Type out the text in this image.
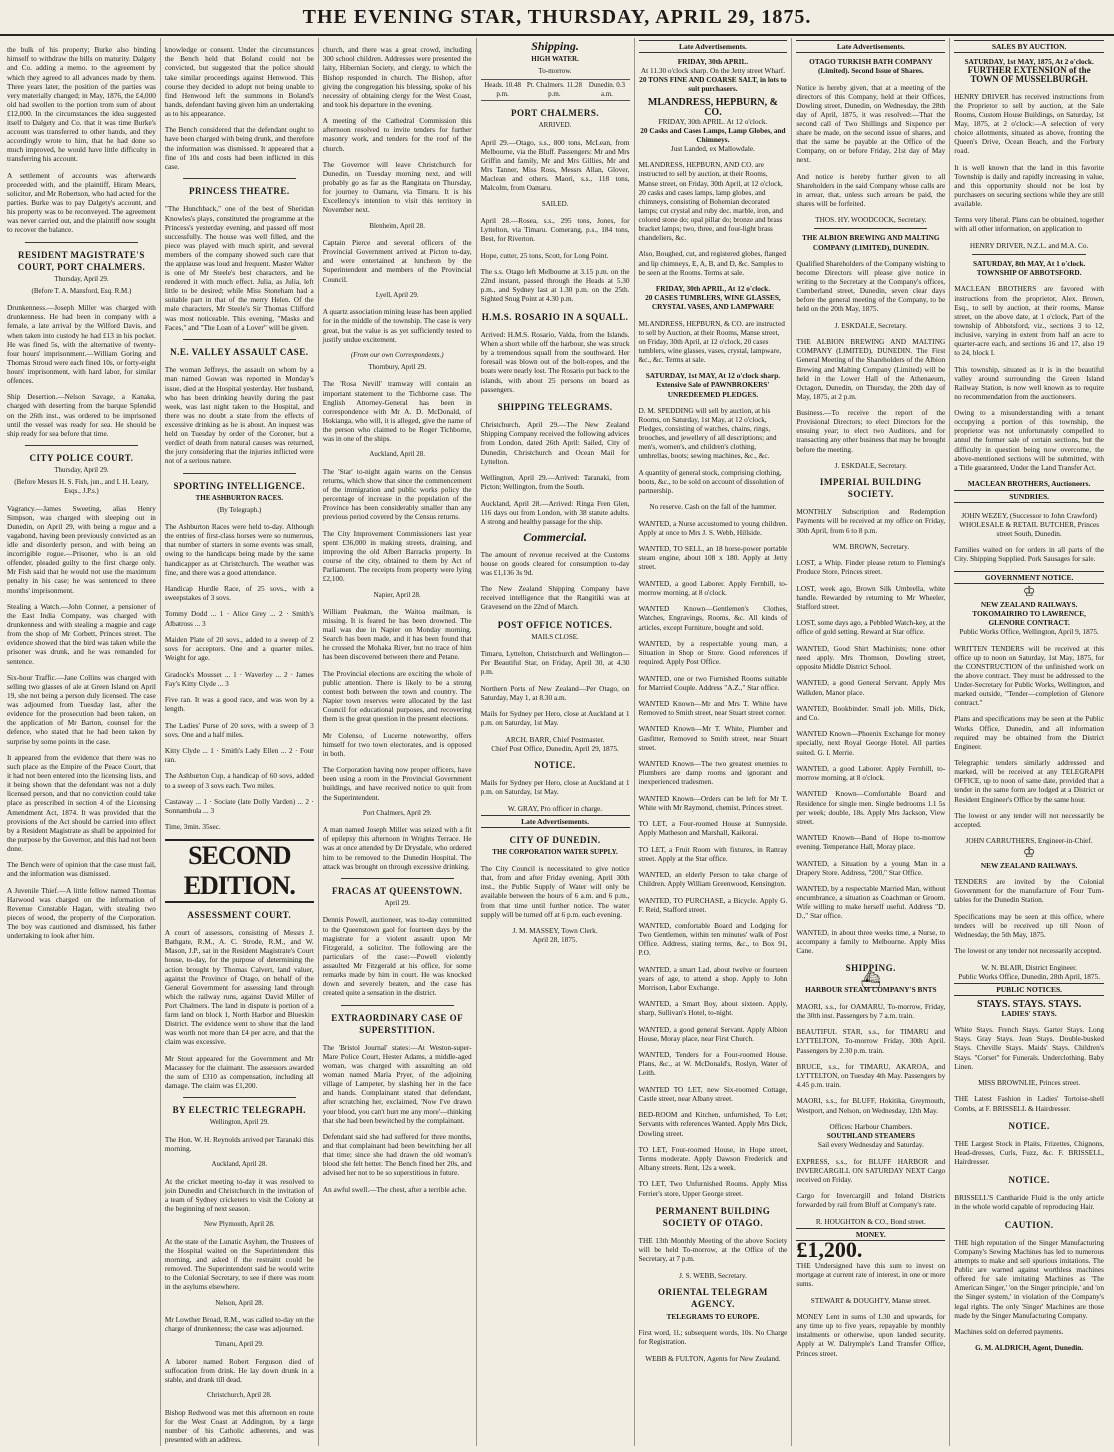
THE EVENING STAR, THURSDAY, APRIL 29, 1875.

the bulk of his property; Burke also binding himself to withdraw the bills on maturity. Dalgety and Co. adding a memo. to the agreement by which they agreed to all advances made by them. Three years later, the position of the parties was very materially changed; in May, 1876, the £4,000 old had swollen to the portion trom sum of about £12,000. In the circumstances the idea suggested itself to Dalgety and Co. that it was time Burke's account was transferred to other hands, and they accordingly wrote to him, that he had done so much improved, he would have little difficulty in transferring his account.

A settlement of accounts was afterwards proceeded with, and the plaintiff, Hiram Mears, solicitor, and Mr Robertson, who had acted for the parties. Burke was to pay Dalgety's account, and his property was to be reconveyed. The agreement was never carried out, and the plaintiff now sought to recover the balance.

RESIDENT MAGISTRATE'S COURT, PORT CHALMERS.
Thursday, April 29.
(Before T. A. Mansford, Esq. R.M.)

Drunkenness.—Joseph Miller was charged with drunkenness. He had been in company with a female, a late arrival by the Wilford Davis, and when taken into custody he had £13 in his pocket. He was fined 5s, with the alternative of twenty-four hours' imprisonment.—William Goring and Thomas Stroud were each fined 10s, or forty-eight hours' imprisonment, with hard labor, for similar offences.

Ship Desertion.—Nelson Savage, a Kanaka, charged with deserting from the barque Splendid on the 26th inst., was ordered to be imprisoned until the vessel was ready for sea. He should be ship ready for sea before that time.

CITY POLICE COURT.
Thursday, April 29.
(Before Messrs H. S. Fish, jun., and I. H. Leary, Esqs., J.P.s.)

Vagrancy.—James Sweeting, alias Henry Simpson, was charged with sleeping out in Dunedin, on April 29, with being a rogue and a vagabond, having been previously convicted as an idle and disorderly person, and with being an incorrigible rogue.—Prisoner, who is an old offender, pleaded guilty to the first charge only. Mr Fish said that he would not use the maximum penalty in his case; he was sentenced to three months' imprisonment.

Stealing a Watch.—John Conner, a pensioner of the East India Company, was charged with drunkenness and with stealing a magpie and cage from the shop of Mr Corbett, Princes street. The evidence showed that the bird was taken while the prisoner was drunk, and he was remanded for sentence.

Six-hour Traffic.—Jane Collins was charged with selling two glasses of ale at Green Island on April 19, she not being a person duly licensed. The case was adjourned from Tuesday last, after the evidence for the prosecution had been taken, on the application of Mr Barton, counsel for the defence, who stated that he had been taken by surprise by some points in the case.

It appeared from the evidence that there was no such place as the Empire of the Peace Court, that it had not been entered into the licensing lists, and it being shown that the defendant was not a duly licensed person, and that no conviction could take place as prescribed in section 4 of the Licensing Amendment Act, 1874. It was provided that the provisions of the Act should be carried into effect by a Resident Magistrate as shall be appointed for the purpose by the Governor, and this had not been done.

The Bench were of opinion that the case must fail, and the information was dismissed.

A Juvenile Thief.—A little fellow named Thomas Harwood was charged on the information of Revenue Constable Hagan, with stealing two pieces of wood, the property of the Corporation. The boy was cautioned and dismissed, his father undertaking to look after him.

knowledge or consent. Under the circumstances the Bench held that Boland could not be convicted, but suggested that the police should take similar proceedings against Henwood. This course they decided to adopt not being unable to find Henwood left the summons in Boland's hands, defendant having given him an undertaking as to his appearance.

The Bench considered that the defendant ought to have been charged with being drunk, and therefore the information was dismissed. It appeared that a fine of 10s and costs had been inflicted in this case.

PRINCESS THEATRE.

"The Hunchback," one of the best of Sheridan Knowles's plays, constituted the programme at the Princess's yesterday evening, and passed off most successfully. The house was well filled, and the piece was played with much spirit, and several members of the company showed such care that the applause was loud and frequent. Master Walter is one of Mr Steele's best characters, and he rendered it with much effect. Julia, as Julia, left little to be desired; while Miss Stoneham had a suitable part in that of the merry Helen. Of the male characters, Mr Steele's Sir Thomas Clifford was most noticeable. This evening, "Masks and Faces," and "The Loan of a Lover" will be given.

N.E. VALLEY ASSAULT CASE.

The woman Jeffreys, the assault on whom by a man named Gowan was reported in Monday's issue, died at the Hospital yesterday. Her husband, who has been drinking heavily during the past week, was last night taken to the Hospital, and there was no doubt a state from the effects of excessive drinking as he is about. An inquest was held on Tuesday by order of the Coroner, but a verdict of death from natural causes was returned, the jury considering that the injuries inflicted were not of a serious nature.

SPORTING INTELLIGENCE.
THE ASHBURTON RACES.
(By Telegraph.)

The Ashburton Races were held to-day. Although the entries of first-class horses were so numerous, that number of starters in some events was small, owing to the handicaps being made by the same handicapper as at Christchurch. The weather was fine, and there was a good attendance.

Handicap Hurdle Race, of 25 sovs., with a sweepstakes of 3 sovs.

Tommy Dodd ... 1 · Alice Grey ... 2 · Smith's Albatross ... 3

Maiden Plate of 20 sovs., added to a sweep of 2 sovs for acceptors. One and a quarter miles. Weight for age.

Gradock's Mousset ... 1 · Waverley ... 2 · James Fay's Kitty Clyde ... 3

Five ran. It was a good race, and was won by a length.

The Ladies' Purse of 20 sovs, with a sweep of 3 sovs. One and a half miles.

Kitty Clyde ... 1 · Smith's Lady Ellen ... 2 · Four ran.

The Ashburton Cup, a handicap of 60 sovs, added to a sweep of 3 sovs each. Two miles.

Castaway ... 1 · Sociate (late Dolly Varden) ... 2 · Sonnambula ... 3

Time, 3min. 35sec.

SECOND EDITION.
ASSESSMENT COURT.

A court of assessors, consisting of Messrs J. Bathgate, R.M., A. C. Strode, R.M., and W. Mason, J.P., sat in the Resident Magistrate's Court house, to-day, for the purpose of determining the action brought by Thomas Calvert, land valuer, against the Province of Otago, on behalf of the General Government for assessing land through which the railway runs, against David Miller of Port Chalmers. The land in dispute is portion of a farm land on block 1, North Harbor and Blueskin District. The evidence went to show that the land was worth not more than £4 per acre, and that the claim was excessive.

Mr Stout appeared for the Government and Mr Macassey for the claimant. The assessors awarded the sum of £310 as compensation, including all damage. The claim was £1,200.

BY ELECTRIC TELEGRAPH.
Wellington, April 29.

The Hon. W. H. Reynolds arrived per Taranaki this morning.

Auckland, April 28.

At the cricket meeting to-day it was resolved to join Dunedin and Christchurch in the invitation of a team of Sydney cricketers to visit the Colony at the beginning of next season.

New Plymouth, April 28.

At the state of the Lunatic Asylum, the Trustees of the Hospital waited on the Superintendent this morning, and asked if the restraint could be removed. The Superintendent said he would write to the Colonial Secretary, to see if there was room in the asylums elsewhere.

Nelson, April 28.

Mr Lowther Broad, R.M., was called to-day on the charge of drunkenness; the case was adjourned.

Timaru, April 29.

A laborer named Robert Ferguson died of suffocation from drink. He lay down drunk in a stable, and drank till dead.

Christchurch, April 28.

Bishop Redwood was met this afternoon en route for the West Coast at Addington, by a large number of his Catholic adherents, and was presented with an address.

church, and there was a great crowd, including 300 school children. Addresses were presented the laity, Hibernian Society, and clergy, to which the Bishop responded in church. The Bishop, after giving the congregation his blessing, spoke of his necessity of obtaining clergy for the West Coast, and took his departure in the evening.

A meeting of the Cathedral Commission this afternoon resolved to invite tenders for further masonry work, and tenders for the roof of the church.

The Governor will leave Christchurch for Dunedin, on Tuesday morning next, and will probably go as far as the Rangitata on Thursday, for journey to Oamaru, via Timaru. It is his Excellency's intention to visit this territory in November next.

Blenheim, April 28.

Captain Pierce and several officers of the Provincial Government arrived at Picton to-day, and were entertained at luncheon by the Superintendent and members of the Provincial Council.

Lyell, April 29.

A quartz association mining lease has been applied for in the middle of the township. The case is very great, but the value is as yet sufficiently tested to justify undue excitement.

(From our own Correspondents.)
Thornbury, April 29.

The 'Rosa Nevill' tramway will contain an important statement to the Tichborne case. The English Attorney-General has been in correspondence with Mr A. D. McDonald, of Hokianga, who will, it is alleged, give the name of the person who claimed to be Roger Tichborne, was in one of the ships.

Auckland, April 28.

The 'Star' to-night again warns on the Census returns, which show that since the commencement of the immigration and public works policy the percentage of increase in the population of the Province has been considerably smaller than any previous period covered by the Census returns.

The City Improvement Commissioners last year spent £36,000 in making streets, draining, and improving the old Albert Barracks property. In course of the city, obtained to them by Act of Parliament. The receipts from property were lying £2,100.

Napier, April 28.

William Peakman, the Waitoa mailman, is missing. It is feared he has been drowned. The mail was due in Napier on Monday morning. Search has been made, and it has been found that he crossed the Mohaka River, but no trace of him has been discovered between there and Petane.

The Provincial elections are exciting the whole of public attention. There is likely to be a strong contest both between the town and country. The Napier town reserves were allocated by the last Council for educational purposes, and recovering them is the great question in the present elections.

Mr Colenso, of Lucerne noteworthy, offers himself for two town electorates, and is opposed in both.

The Corporation having now proper officers, have been using a room in the Provincial Government buildings, and have received notice to quit from the Superintendent.

Port Chalmers, April 29.

A man named Joseph Miller was seized with a fit of epilepsy this afternoon in Wrights Terrace. He was at once attended by Dr Drysdale, who ordered him to be removed to the Dunedin Hospital. The attack was brought on through excessive drinking.

FRACAS AT QUEENSTOWN.
April 29.

Dennis Powell, auctioneer, was to-day committed to the Queenstown gaol for fourteen days by the magistrate for a violent assault upon Mr Fitzgerald, a solicitor. The following are the particulars of the case:—Powell violently assaulted Mr Fitzgerald at his office, for some remarks made by him in court. He was knocked down and severely beaten, and the case has created quite a sensation in the district.

EXTRAORDINARY CASE OF SUPERSTITION.

The 'Bristol Journal' states:—At Weston-super-Mare Police Court, Hester Adams, a middle-aged woman, was charged with assaulting an old woman named Maria Pryer, of the adjoining village of Lampeter, by slashing her in the face and hands. Complainant stated that defendant, after scratching her, exclaimed, 'Now I've drawn your blood, you can't hurt me any more'—thinking that she had been bewitched by the complainant.

Defendant said she had suffered for three months, and that complainant had been bewitching her all that time; since she had drawn the old woman's blood she felt better. The Bench fined her 20s, and advised her not to be so superstitious in future.

An awful swell.—The chest, after a terrible ache.

Shipping.
HIGH WATER.
To-morrow.
Heads. 10.48 p.m.	Pt. Chalmers. 11.28 p.m.	Dunedin. 0.3 a.m.
PORT CHALMERS.
ARRIVED.

April 29.—Otago, s.s., 800 tons, McLean, from Melbourne, via the Bluff. Passengers: Mr and Mrs Griffin and family, Mr and Mrs Gillies, Mr and Mrs Tanner, Miss Ross, Messrs Allan, Glover, Maclean and others. Maori, s.s., 118 tons, Malcolm, from Oamaru.

SAILED.

April 28.—Rosea, s.s., 295 tons, Jones, for Lyttelton, via Timaru. Comerang, p.s., 184 tons, Best, for Riverton.

Hope, cutter, 25 tons, Scott, for Long Point.

The s.s. Otago left Melbourne at 3.15 p.m. on the 22nd instant, passed through the Heads at 5.30 p.m., and Sydney last at 1.30 p.m. on the 25th. Sighted Snug Point at 4.30 p.m.

H.M.S. ROSARIO IN A SQUALL.

Arrived: H.M.S. Rosario, Valda, from the Islands. When a short while off the harbour, she was struck by a tremendous squall from the southward. Her foresail was blown out of the bolt-ropes, and the boats were nearly lost. The Rosario put back to the islands, with about 25 persons on board as passengers.

SHIPPING TELEGRAMS.

Christchurch, April 29.—The New Zealand Shipping Company received the following advices from London, dated 26th April: Sailed, City of Dunedin, Christchurch and Ocean Mail for Lyttelton.

Wellington, April 29.—Arrived: Taranaki, from Picton; Wellington, from the South.

Auckland, April 28.—Arrived: Ringa Fren Glen, 116 days out from London, with 38 statute adults. A strong and healthy passage for the ship.

Commercial.

The amount of revenue received at the Customs house on goods cleared for consumption to-day was £1,136 3s 9d.

The New Zealand Shipping Company have received intelligence that the Rangitiki was at Gravesend on the 22nd of March.

POST OFFICE NOTICES.
MAILS CLOSE.

Timaru, Lyttelton, Christchurch and Wellington—Per Beautiful Star, on Friday, April 30, at 4.30 p.m.

Northern Ports of New Zealand—Per Otago, on Saturday, May 1, at 8.30 a.m.

Mails for Sydney per Hero, close at Auckland at 1 p.m. on Saturday, 1st May.

ARCH. BARR, Chief Postmaster.
Chief Post Office, Dunedin, April 29, 1875.
NOTICE.

Mails for Sydney per Hero, close at Auckland at 1 p.m. on Saturday, 1st May.

W. GRAY, Pro officer in charge.
Late Advertisements.
CITY OF DUNEDIN.
THE CORPORATION WATER SUPPLY.

The City Council is necessitated to give notice that, from and after Friday evening, April 30th inst., the Public Supply of Water will only be available between the hours of 6 a.m. and 6 p.m., from that time until further notice. The water supply will be turned off at 6 p.m. each evening.

J. M. MASSEY, Town Clerk.
April 28, 1875.
Late Advertisements.
FRIDAY, 30th APRIL.
At 11.30 o'clock sharp. On the Jetty street Wharf.
20 TONS FINE AND COARSE SALT, in lots to suit purchasers.
MLANDRESS, HEPBURN, & CO.
FRIDAY, 30th APRIL. At 12 o'clock.
20 Casks and Cases Lamps, Lamp Globes, and Chimneys.
Just Landed, ex Mallowdale.

MLANDRESS, HEPBURN, AND CO. are instructed to sell by auction, at their Rooms, Manse street, on Friday, 30th April, at 12 o'clock, 20 casks and cases lamps, lamp globes, and chimneys, consisting of Bohemian decorated lamps; cut crystal and ruby dec. marble, iron, and colored stone do; opal pillar do; bronze and brass bracket lamps; two, three, and four-light brass chandeliers, &c.

Also, Boughed, cut, and registered globes, flanged and lip chimneys, E, A, B, and D, &c. Samples to be seen at the Rooms. Terms at sale.

FRIDAY, 30th APRIL, At 12 o'clock.
20 CASES TUMBLERS, WINE GLASSES, CRYSTAL VASES, AND LAMPWARE

MLANDRESS, HEPBURN, & CO. are instructed to sell by Auction, at their Rooms, Manse street, on Friday, 30th April, at 12 o'clock, 20 cases tumblers, wine glasses, vases, crystal, lampware, &c., &c. Terms at sale.

SATURDAY, 1st MAY, At 12 o'clock sharp.
Extensive Sale of PAWNBROKERS' UNREDEEMED PLEDGES.

D. M. SPEDDING will sell by auction, at his Rooms, on Saturday, 1st May, at 12 o'clock, Pledges, consisting of watches, chains, rings, brooches, and jewellery of all descriptions; and men's, women's, and children's clothing, umbrellas, boots; sewing machines, &c., &c.

A quantity of general stock, comprising clothing, boots, &c., to be sold on account of dissolution of partnership.

No reserve. Cash on the fall of the hammer.

WANTED, a Nurse accustomed to young children. Apply at once to Mrs J. S. Webb, Hillside.

WANTED, TO SELL, an 18 horse-power portable steam engine, about 108 x 180. Apply at Jetty street.

WANTED, a good Laborer. Apply Fernhill, to-morrow morning, at 8 o'clock.

WANTED Known—Gentlemen's Clothes, Watches, Engravings, Rooms, &c. All kinds of articles, except Furniture, bought and sold.

WANTED, by a respectable young man, a Situation in Shop or Store. Good references if required. Apply Post Office.

WANTED, one or two Furnished Rooms suitable for Married Couple. Address "A.Z.," Star office.

WANTED Known—Mr and Mrs T. White have Removed to Smith street, near Stuart street corner.

WANTED Known—Mr T. White, Plumber and Gasfitter, Removed to Smith street, near Stuart street.

WANTED Known—The two greatest enemies to Plumbers are damp rooms and ignorant and inexperienced tradesmen.

WANTED Known—Orders can be left for Mr T. White with Mr Raymond, chemist, Princes street.

TO LET, a Four-roomed House at Sunnyside. Apply Matheson and Marshall, Kaikorai.

TO LET, a Fruit Room with fixtures, in Rattray street. Apply at the Star office.

WANTED, an elderly Person to take charge of Children. Apply William Greenwood, Kensington.

WANTED, TO PURCHASE, a Bicycle. Apply G. F. Reid, Stafford street.

WANTED, comfortable Board and Lodging for Two Gentlemen, within ten minutes' walk of Post Office. Address, stating terms, &c., to Box 91, P.O.

WANTED, a smart Lad, about twelve or fourteen years of age, to attend a shop. Apply to John Morrison, Labor Exchange.

WANTED, a Smart Boy, about sixteen. Apply, sharp, Sullivan's Hotel, to-night.

WANTED, a good general Servant. Apply Albion House, Moray place, near First Church.

WANTED, Tenders for a Four-roomed House. Plans, &c., at W. McDonald's, Roslyn, Water of Leith.

WANTED TO LET, new Six-roomed Cottage, Castle street, near Albany street.

BED-ROOM and Kitchen, unfurnished, To Let; Servants with references Wanted. Apply Mrs Dick, Dowling street.

TO LET, Four-roomed House, in Hope street, Terms moderate. Apply Dawson Frederick and Albany streets. Rent, 12s a week.

TO LET, Two Unfurnished Rooms. Apply Miss Ferrier's store, Upper George street.

PERMANENT BUILDING SOCIETY OF OTAGO.

THE 13th Monthly Meeting of the above Society will be held To-morrow, at the Office of the Secretary, at 7 p.m.

J. S. WEBB, Secretary.
ORIENTAL TELEGRAM AGENCY.
TELEGRAMS TO EUROPE.

First word, 1l.; subsequent words, 10s. No Charge for Registration.

WEBB & FULTON, Agents for New Zealand.
Late Advertisements.
OTAGO TURKISH BATH COMPANY (Limited). Second Issue of Shares.

Notice is hereby given, that at a meeting of the directors of this Company, held at their Offices, Dowling street, Dunedin, on Wednesday, the 28th day of April, 1875, it was resolved:—That the second call of Two Shillings and Sixpence per share be made, on the second issue of shares, and that the same be payable at the Office of the Company, on or before Friday, 21st day of May next.

And notice is hereby further given to all Shareholders in the said Company whose calls are in arrear, that, unless such arrears be paid, the shares will be forfeited.

THOS. HY. WOODCOCK, Secretary.
THE ALBION BREWING AND MALTING COMPANY (LIMITED), DUNEDIN.

Qualified Shareholders of the Company wishing to become Directors will please give notice in writing to the Secretary at the Company's offices, Cumberland street, Dunedin, seven clear days before the general meeting of the Company, to be held on the 20th May, 1875.

J. ESKDALE, Secretary.

THE ALBION BREWING AND MALTING COMPANY (LIMITED), DUNEDIN. The First General Meeting of the Shareholders of the Albion Brewing and Malting Company (Limited) will be held in the Lower Hall of the Athenaeum, Octagon, Dunedin, on Thursday, the 20th day of May, 1875, at 2 p.m.

Business.—To receive the report of the Provisional Directors; to elect Directors for the ensuing year; to elect two Auditors, and for transacting any other business that may be brought before the meeting.

J. ESKDALE, Secretary.
IMPERIAL BUILDING SOCIETY.

MONTHLY Subscription and Redemption Payments will be received at my office on Friday, 30th April, from 6 to 8 p.m.

WM. BROWN, Secretary.

LOST, a Whip. Finder please return to Fleming's Produce Store, Princes street.

LOST, week ago, Brown Silk Umbrella, white handle. Rewarded by returning to Mr Wheeler, Stafford street.

LOST, some days ago, a Pebbled Watch-key, at the office of gold setting. Reward at Star office.

WANTED, Good Shirt Machinists; none other need apply. Mrs Thomson, Dowling street, opposite Middle District School.

WANTED, a good General Servant. Apply Mrs Walkden, Manor place.

WANTED, Bookbinder. Small job. Mills, Dick, and Co.

WANTED Known—Phoenix Exchange for money specially, next Royal George Hotel. All parties suited. G. I. Merrie.

WANTED, a good Laborer. Apply Fernhill, to-morrow morning, at 8 o'clock.

WANTED Known—Comfortable Board and Residence for single men. Single bedrooms 1.1 5s per week; double, 18s. Apply Mrs Jackson, View street.

WANTED Known—Band of Hope to-morrow evening. Temperance Hall, Moray place.

WANTED, a Situation by a young Man in a Drapery Store. Address, "200," Star Office.

WANTED, by a respectable Married Man, without encumbrance, a situation as Coachman or Groom. Wife willing to make herself useful. Address "D. D.," Star office.

WANTED, in about three weeks time, a Nurse, to accompany a family to Melbourne. Apply Miss Cane.

SHIPPING.
⛴
HARBOUR STEAM COMPANY'S BNTS

MAORI, s.s., for OAMARU, To-morrow, Friday, the 30th inst. Passengers by 7 a.m. train.

BEAUTIFUL STAR, s.s., for TIMARU and LYTTELTON, To-morrow Friday, 30th April. Passengers by 2.30 p.m. train.

BRUCE, s.s., for TIMARU, AKAROA, and LYTTELTON, on Tuesday 4th May. Passengers by 4.45 p.m. train.

MAORI, s.s., for BLUFF, Hokitika, Greymouth, Westport, and Nelson, on Wednesday, 12th May.

Offices: Harbour Chambers.
SOUTHLAND STEAMERS
Sail every Wednesday and Saturday.

EXPRESS, s.s., for BLUFF HARBOR and INVERCARGILL ON SATURDAY NEXT Cargo received on Friday.

Cargo for Invercargill and Inland Districts forwarded by rail from Bluff at Company's rate.

R. HOUGHTON & CO., Bond street.
MONEY.
£1,200.

THE Undersigned have this sum to invest on mortgage at current rate of interest, in one or more sums.

STEWART & DOUGHTY, Manse street.

MONEY Lent in sums of L30 and upwards, for any time up to five years, repayable by monthly instalments or otherwise, upon landed security. Apply at W. Dalrymple's Land Transfer Office, Princes street.

SALES BY AUCTION.
SATURDAY, 1st MAY, 1875, At 2 o'clock.
FURTHER EXTENSION of the TOWN OF MUSSELBURGH.

HENRY DRIVER has received instructions from the Proprietor to sell by auction, at the Sale Rooms, Custom House Buildings, on Saturday, 1st May, 1875, at 2 o'clock:—A selection of very choice allotments, situated as above, fronting the Queen's Drive, Ocean Beach, and the Forbury road.

It is well known that the land in this favorite Township is daily and rapidly increasing in value, and this opportunity should not be lost by purchasers on securing sections while they are still available.

Terms very liberal. Plans can be obtained, together with all other information, on application to

HENRY DRIVER, N.Z.L. and M.A. Co.
SATURDAY, 8th MAY, At 1 o'clock.
TOWNSHIP OF ABBOTSFORD.

MACLEAN BROTHERS are favored with instructions from the proprietor, Alex. Brown, Esq., to sell by auction, at their rooms, Manse street, on the above date, at 1 o'clock, Part of the township of Abbotsford, viz., sections 3 to 12, inclusive, varying in extent from half an acre to quarter-acre each, and sections 16 and 17, also 19 to 24, block I.

This township, situated as it is in the beautiful valley around surrounding the Green Island Railway Station, is now well known as to require no recommendation from the auctioneers.

Owing to a misunderstanding with a tenant occupying a portion of this township, the proprietor was not unfortunately compelled to annul the former sale of certain sections, but the difficulty in question being now overcome, the above-mentioned sections will be submitted, with a Title guaranteed, Under the Land Transfer Act.

MACLEAN BROTHERS, Auctioneers.
SUNDRIES.

JOHN WEZEY, (Successor to John Crawford) WHOLESALE & RETAIL BUTCHER, Princes street South, Dunedin.

Families waited on for orders in all parts of the City. Shipping Supplied. Pork Sausages for sale.

GOVERNMENT NOTICE.
♔
NEW ZEALAND RAILWAYS.
TOKOMAIRIRO TO LAWRENCE, GLENORE CONTRACT.
Public Works Office, Wellington, April 9, 1875.

WRITTEN TENDERS will be received at this office up to noon on Saturday, 1st May, 1875, for the CONSTRUCTION of the unfinished work on the above contract. They must be addressed to the Under-Secretary for Public Works, Wellington, and marked outside, "Tender—completion of Glenore contract."

Plans and specifications may be seen at the Public Works Office, Dunedin, and all information required may be obtained from the District Engineer.

Telegraphic tenders similarly addressed and marked, will be received at any TELEGRAPH OFFICE, up to noon of same date, provided that a tender in the same form are lodged at a District or Resident Engineer's Office by the same hour.

The lowest or any tender will not necessarily be accepted.

JOHN CARRUTHERS, Engineer-in-Chief.
♔
NEW ZEALAND RAILWAYS.

TENDERS are invited by the Colonial Government for the manufacture of Four Turn-tables for the Dunedin Station.

Specifications may be seen at this office, where tenders will be received up till Noon of Wednesday, the 5th May, 1875.

The lowest or any tender not necessarily accepted.

W. N. BLAIR, District Engineer.
Public Works Office, Dunedin, 28th April, 1875.
PUBLIC NOTICES.
STAYS. STAYS. STAYS.
LADIES' STAYS.

White Stays. French Stays. Garter Stays. Long Stays. Gray Stays. Jean Stays. Double-busked Stays. Cheville Stays. Maids' Stays. Children's Stays. "Corset" for Funerals. Underclothing. Baby Linen.

MISS BROWNLIE, Princes street.

THE Latest Fashion in Ladies' Tortoise-shell Combs, at F. BRISSELL & Hairdresser.

NOTICE.

THE Largest Stock in Plaits, Frizettes, Chignons, Head-dresses, Curls, Fuzz, &c. F. BRISSELL, Hairdresser.

NOTICE.

BRISSELL'S Cantharide Fluid is the only article in the whole world capable of reproducing Hair.

CAUTION.

THE high reputation of the Singer Manufacturing Company's Sewing Machines has led to numerous attempts to make and sell spurious imitations. The Public are warned against worthless machines offered for sale imitating Machines as 'The American Singer,' 'on the Singer principle,' and 'on the Singer system,' in violation of the Company's legal rights. The only 'Singer' Machines are those made by the Singer Manufacturing Company.

Machines sold on deferred payments.

G. M. ALDRICH, Agent, Dunedin.
